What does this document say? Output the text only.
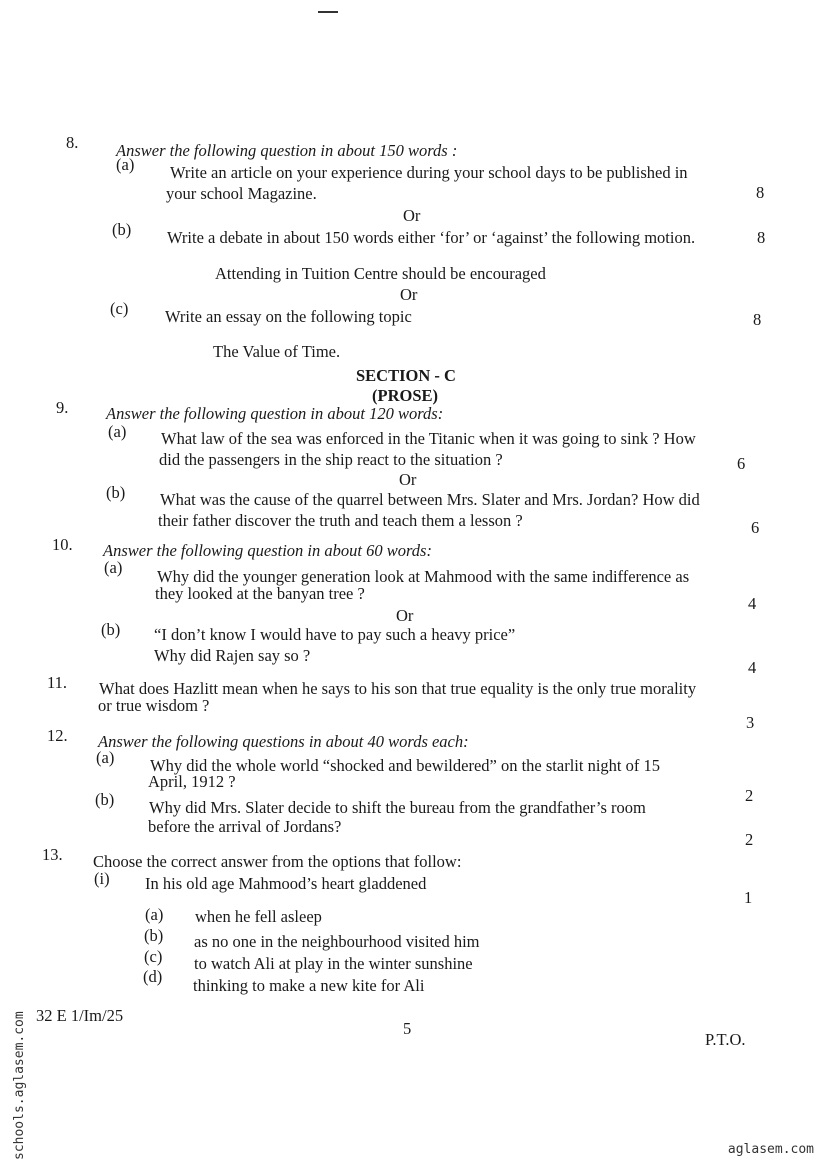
8. Answer the following question in about 150 words :
(a) Write an article on your experience during your school days to be published in
your school Magazine.	8
Or
(b) Write a debate in about 150 words either ‘for’ or ‘against’ the following motion.	8
Attending in Tuition Centre should be encouraged
Or
(c) Write an essay on the following topic	8
The Value of Time.
SECTION - C
(PROSE)
9. Answer the following question in about 120 words:
(a) What law of the sea was enforced in the Titanic when it was going to sink ? How
did the passengers in the ship react to the situation ?	6
Or
(b) What was the cause of the quarrel between Mrs. Slater and Mrs. Jordan? How did
their father discover the truth and teach them a lesson ?	6
10. Answer the following question in about 60 words:
(a) Why did the younger generation look at Mahmood with the same indifference as
they looked at the banyan tree ?
4
Or
(b) “I don’t know I would have to pay such a heavy price”
Why did Rajen say so ?
4
11. What does Hazlitt mean when he says to his son that true equality is the only true morality
or true wisdom ?
3
12. Answer the following questions in about 40 words each:
(a) Why did the whole world “shocked and bewildered” on the starlit night of 15
April, 1912 ?
2
(b) Why did Mrs. Slater decide to shift the bureau from the grandfather’s room
before the arrival of Jordans?
2
13. Choose the correct answer from the options that follow:
(i) In his old age Mahmood’s heart gladdened
1
(a) when he fell asleep
(b) as no one in the neighbourhood visited him
(c) to watch Ali at play in the winter sunshine
(d) thinking to make a new kite for Ali
32 E 1/Im/25
5
P.T.O.
schools.aglasem.com	aglasem.com
